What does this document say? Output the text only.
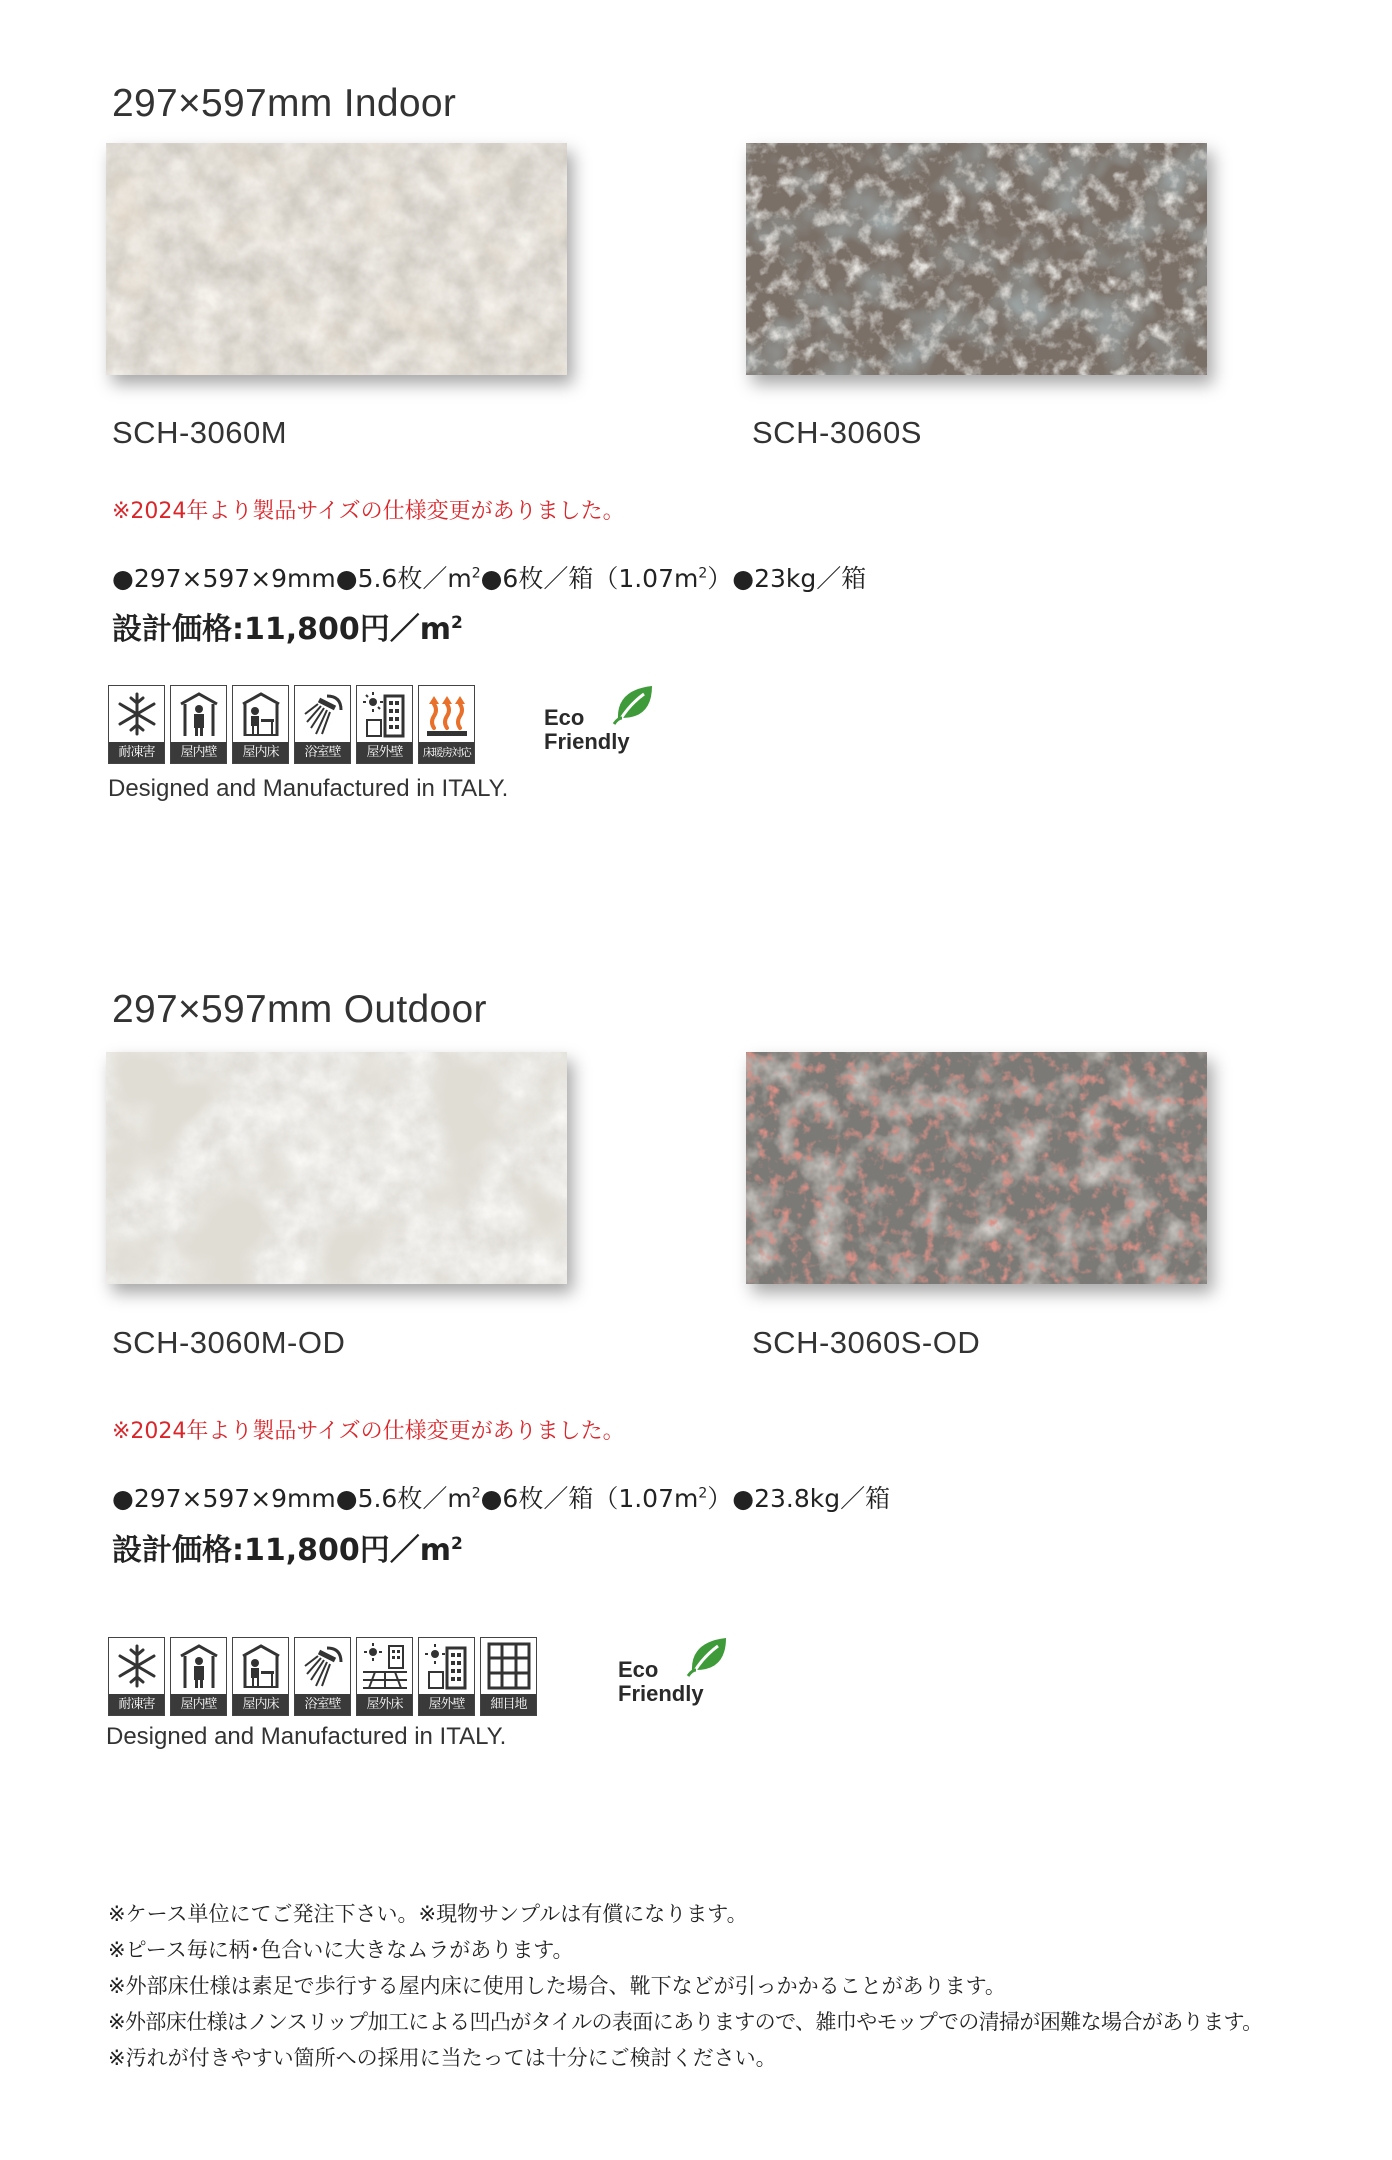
297×597mm Indoor
SCH-3060M	SCH-3060S
※2024年より製品サイズの仕様変更がありました。
●297×597×9mm●5.6枚$/m^2●6$枚／箱$(1.07m^2)●23kg/$箱
設計価格:11,800円$/m^2$
耐凍害	屋内壁	屋内床	浴室壁	屋外壁	床暖房対応
Eco
Friendly
Designed and Manufactured in ITALY.
297×597mm Outdoor
SCH-3060M-OD	SCH-3060S-OD
※2024年より製品サイズの仕様変更がありました。
●297×597×9mm●5.6枚$/m^2●6$枚／箱$(1.07m^2)●23.8kg/$箱
設計価格:11,800円$/m^2$
耐凍害	屋内壁	屋内床	浴室壁	屋外床	屋外壁	細目地
Eco
Friendly
Designed and Manufactured in ITALY.
※ケース単位にてご発注下さい。※現物サンプルは有償になります。
※ピース毎に柄･色合いに大きなムラがあります。
※外部床仕様は素足で歩行する屋内床に使用した場合、靴下などが引っかかることがあります。
※外部床仕様はノンスリップ加工による凹凸がタイルの表面にありますので、雑巾やモップでの清掃が困難な場合があります。
※汚れが付きやすい箇所への採用に当たっては十分にご検討ください。
